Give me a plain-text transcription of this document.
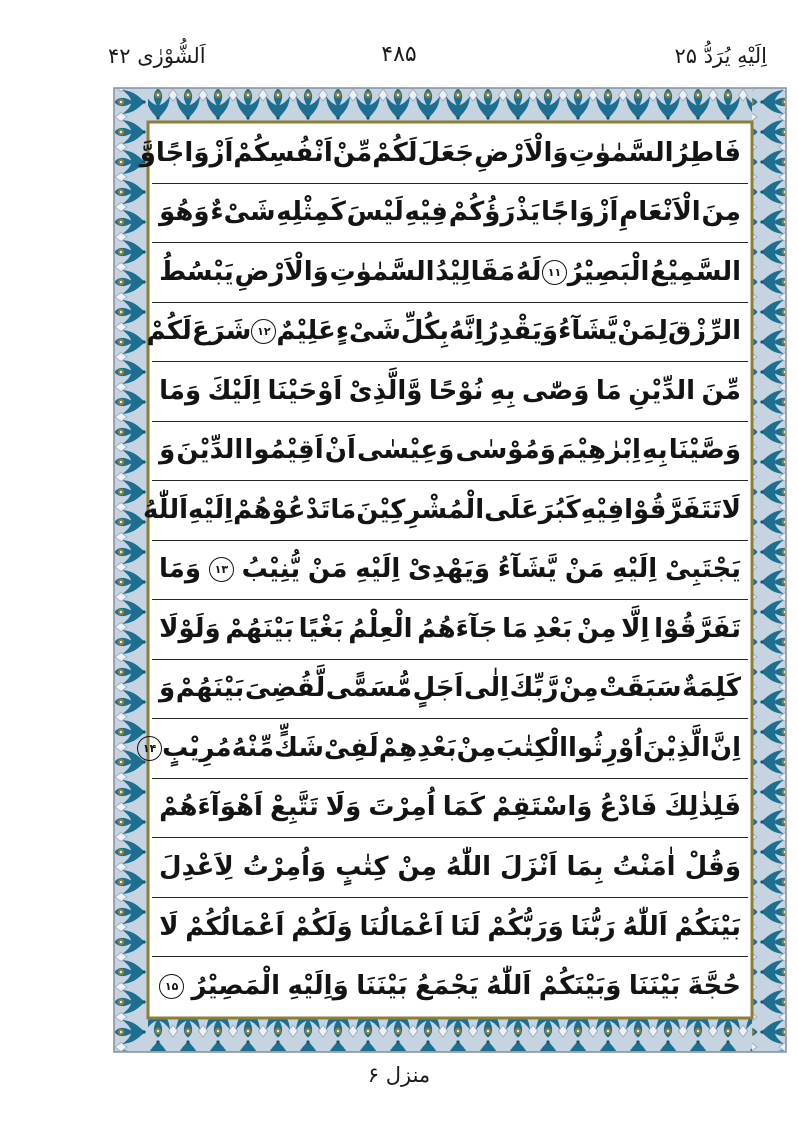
اَلشُّوْرٰى ۴۲	۴۸۵	اِلَيْهِ يُرَدُّ ۲۵
فَاطِرُ
السَّمٰوٰتِ
وَالْاَرْضِ
جَعَلَ
لَكُمْ
مِّنْ
اَنْفُسِكُمْ
اَزْوَاجًا
وَّ
مِنَ
الْاَنْعَامِ
اَزْوَاجًا
يَذْرَؤُكُمْ
فِيْهِ
لَيْسَ
كَمِثْلِهِ
شَىْءٌ
وَهُوَ
السَّمِيْعُ
الْبَصِيْرُ
۱۱
لَهُ
مَقَالِيْدُ
السَّمٰوٰتِ
وَالْاَرْضِ
يَبْسُطُ
الرِّزْقَ
لِمَنْ
يَّشَآءُ
وَيَقْدِرُ
اِنَّهُ
بِكُلِّ
شَىْءٍ
عَلِيْمٌ
۱۲
شَرَعَ
لَكُمْ
مِّنَ
الدِّيْنِ
مَا
وَصّٰى
بِهِ
نُوْحًا
وَّالَّذِىْ
اَوْحَيْنَا
اِلَيْكَ
وَمَا
وَصَّيْنَا
بِهِ
اِبْرٰهِيْمَ
وَمُوْسٰى
وَعِيْسٰى
اَنْ
اَقِيْمُوا
الدِّيْنَ
وَ
لَا
تَتَفَرَّقُوْا
فِيْهِ
كَبُرَ
عَلَى
الْمُشْرِكِيْنَ
مَا
تَدْعُوْهُمْ
اِلَيْهِ
اَللّٰهُ
يَجْتَبِىْ
اِلَيْهِ
مَنْ
يَّشَآءُ
وَيَهْدِىْ
اِلَيْهِ
مَنْ
يُّنِيْبُ
۱۳
وَمَا
تَفَرَّقُوْا
اِلَّا
مِنْ
بَعْدِ
مَا
جَآءَهُمُ
الْعِلْمُ
بَغْيًا
بَيْنَهُمْ
وَلَوْلَا
كَلِمَةٌ
سَبَقَتْ
مِنْ
رَّبِّكَ
اِلٰى
اَجَلٍ
مُّسَمًّى
لَّقُضِىَ
بَيْنَهُمْ
وَ
اِنَّ
الَّذِيْنَ
اُوْرِثُوا
الْكِتٰبَ
مِنْ
بَعْدِهِمْ
لَفِىْ
شَكٍّ
مِّنْهُ
مُرِيْبٍ
۱۴
فَلِذٰلِكَ
فَادْعُ
وَاسْتَقِمْ
كَمَا
اُمِرْتَ
وَلَا
تَتَّبِعْ
اَهْوَآءَهُمْ
وَقُلْ
اٰمَنْتُ
بِمَا
اَنْزَلَ
اللّٰهُ
مِنْ
كِتٰبٍ
وَاُمِرْتُ
لِاَعْدِلَ
بَيْنَكُمْ
اَللّٰهُ
رَبُّنَا
وَرَبُّكُمْ
لَنَا
اَعْمَالُنَا
وَلَكُمْ
اَعْمَالُكُمْ
لَا
حُجَّةَ
بَيْنَنَا
وَبَيْنَكُمْ
اَللّٰهُ
يَجْمَعُ
بَيْنَنَا
وَاِلَيْهِ
الْمَصِيْرُ
۱۵
منزل ۶
